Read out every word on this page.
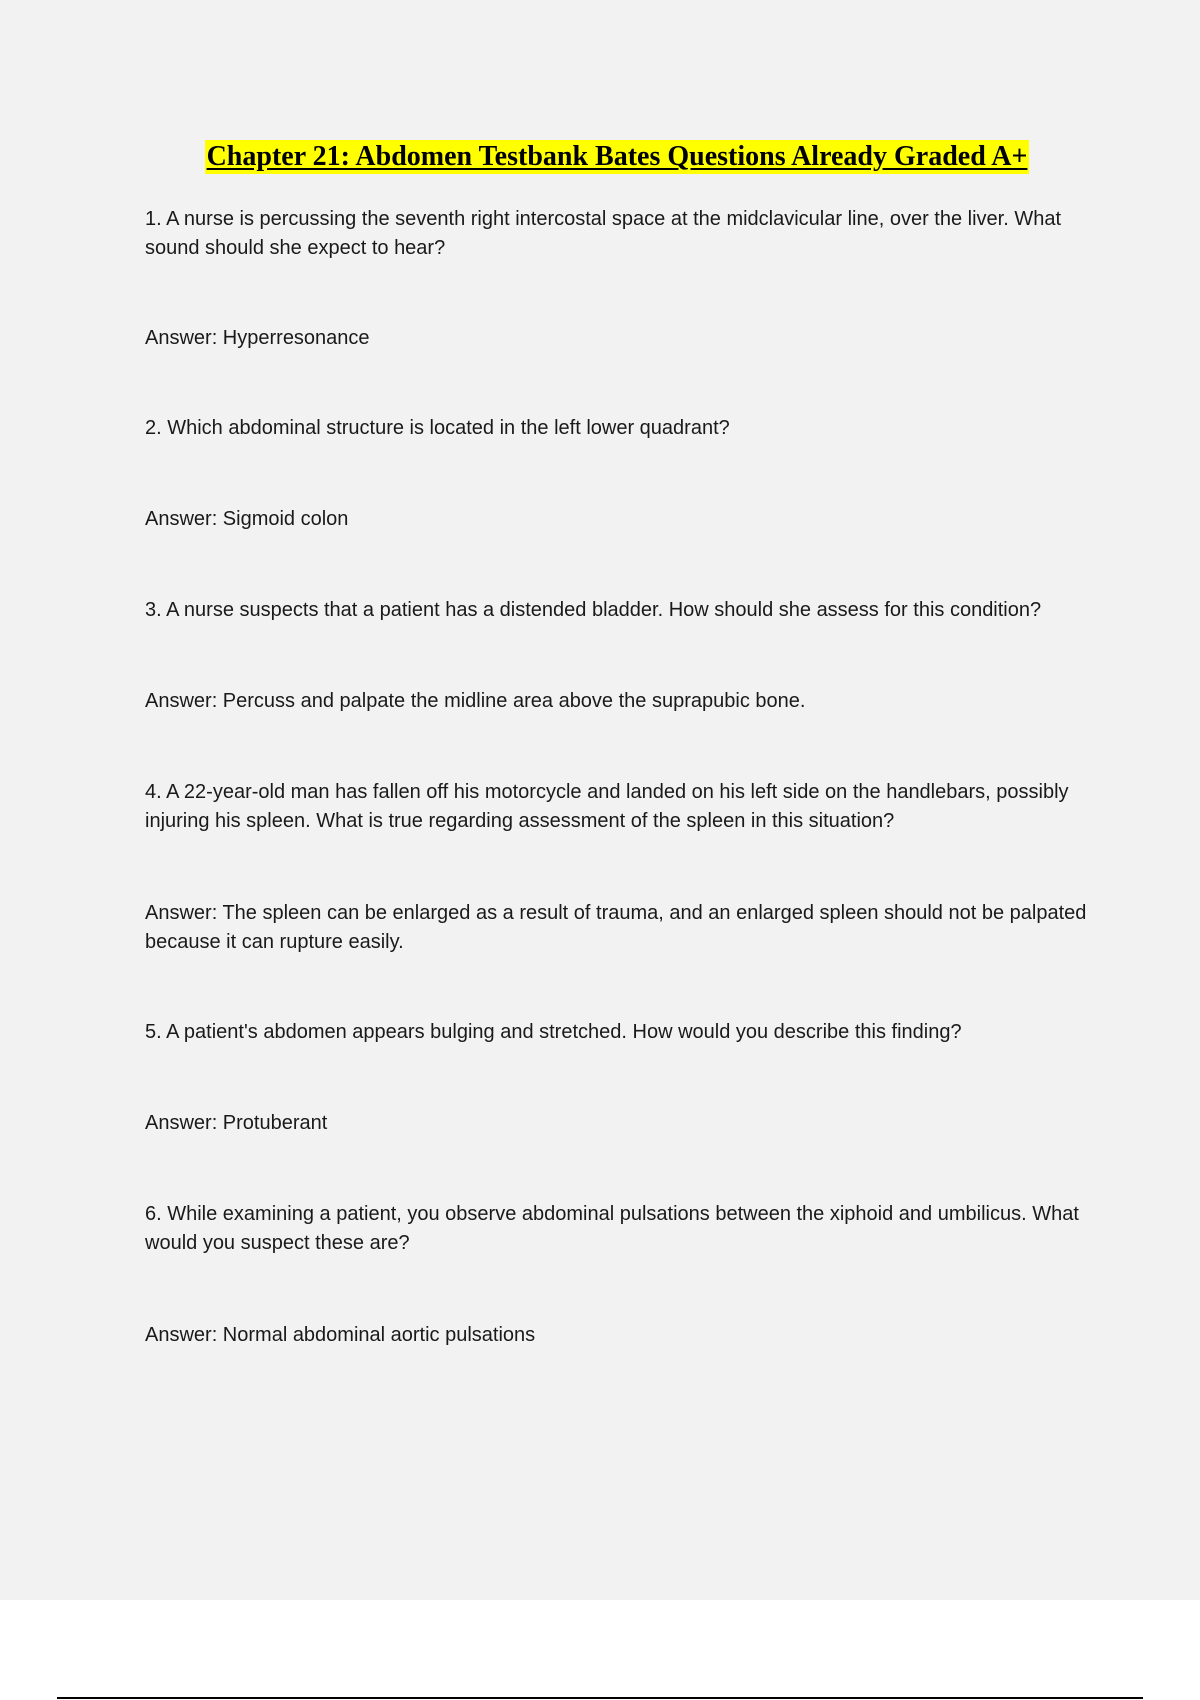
Chapter 21: Abdomen Testbank Bates Questions Already Graded A+

1. A nurse is percussing the seventh right intercostal space at the midclavicular line, over the liver. What sound should she expect to hear?

Answer: Hyperresonance

2. Which abdominal structure is located in the left lower quadrant?

Answer: Sigmoid colon

3. A nurse suspects that a patient has a distended bladder. How should she assess for this condition?

Answer: Percuss and palpate the midline area above the suprapubic bone.

4. A 22-year-old man has fallen off his motorcycle and landed on his left side on the handlebars, possibly injuring his spleen. What is true regarding assessment of the spleen in this situation?

Answer: The spleen can be enlarged as a result of trauma, and an enlarged spleen should not be palpated because it can rupture easily.

5. A patient's abdomen appears bulging and stretched. How would you describe this finding?

Answer: Protuberant

6. While examining a patient, you observe abdominal pulsations between the xiphoid and umbilicus. What would you suspect these are?

Answer: Normal abdominal aortic pulsations
